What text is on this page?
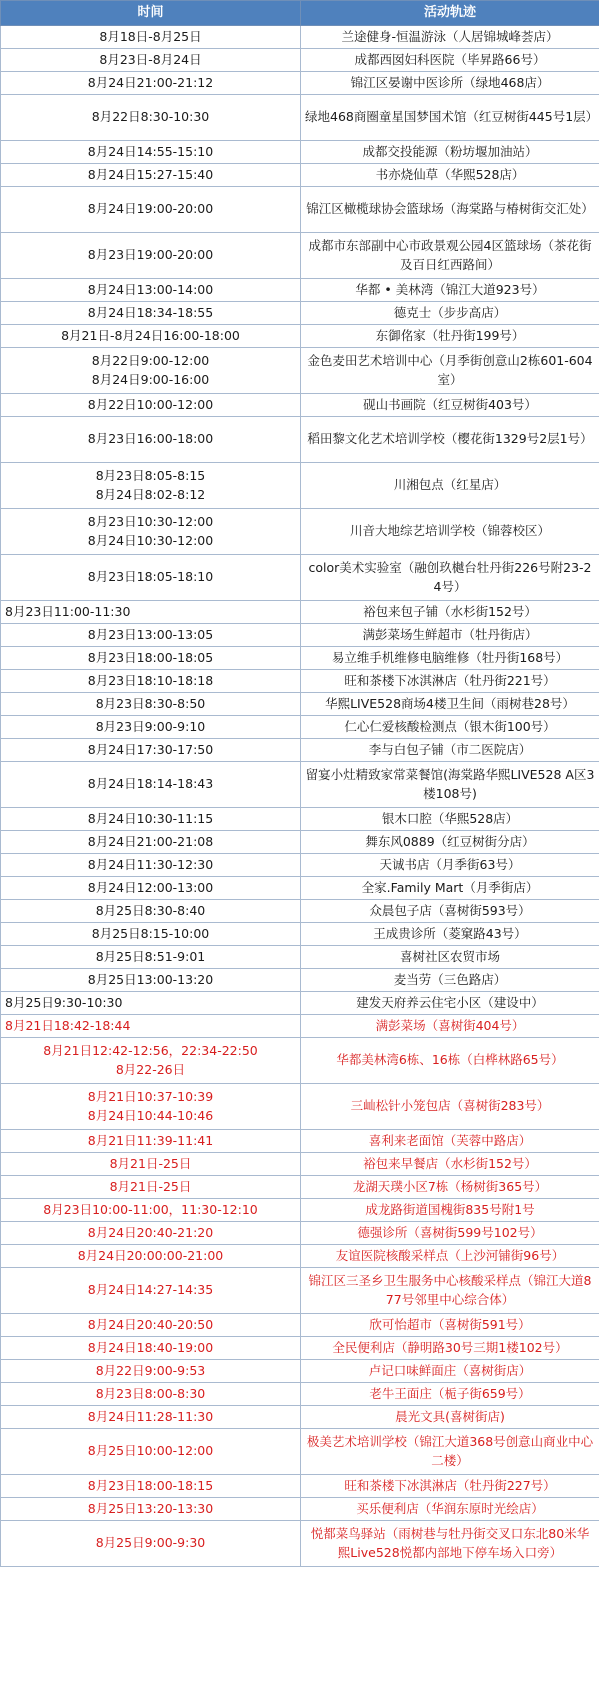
时间	活动轨迹

8月18日-8月25日	兰途健身-恒温游泳（人居锦城峰荟店）

8月23日-8月24日	成都西囡妇科医院（毕昇路66号）

8月24日21:00-21:12	锦江区晏谢中医诊所（绿地468店）

8月22日8:30-10:30	绿地468商圈童星国梦国术馆（红豆树街445号1层）

8月24日14:55-15:10	成都交投能源（粉坊堰加油站）

8月24日15:27-15:40	书亦烧仙草（华熙528店）

8月24日19:00-20:00	锦江区橄榄球协会篮球场（海棠路与椿树街交汇处）

8月23日19:00-20:00	成都市东部副中心市政景观公园4区篮球场（茶花街及百日红西路间）

8月24日13:00-14:00	华都 • 美林湾（锦江大道923号）

8月24日18:34-18:55	德克士（步步高店）

8月21日-8月24日16:00-18:00	东御佲家（牡丹街199号）

8月22日9:00-12:00
8月24日9:00-16:00	金色麦田艺术培训中心（月季街创意山2栋601-604室）

8月22日10:00-12:00	砚山书画院（红豆树街403号）

8月23日16:00-18:00	稻田黎文化艺术培训学校（樱花街1329号2层1号）

8月23日8:05-8:15
8月24日8:02-8:12	川湘包点（红星店）

8月23日10:30-12:00
8月24日10:30-12:00	川音大地综艺培训学校（锦蓉校区）

8月23日18:05-18:10	color美术实验室（融创玖樾台牡丹街226号附23-24号）

8月23日11:00-11:30	裕包来包子铺（水杉街152号）

8月23日13:00-13:05	满彭菜场生鲜超市（牡丹街店）

8月23日18:00-18:05	易立维手机维修电脑维修（牡丹街168号）

8月23日18:10-18:18	旺和茶楼下冰淇淋店（牡丹街221号）

8月23日8:30-8:50	华熙LIVE528商场4楼卫生间（雨树巷28号）

8月23日9:00-9:10	仁心仁爱核酸检测点（银木街100号）

8月24日17:30-17:50	李与白包子铺（市二医院店）

8月24日18:14-18:43	留宴小灶精致家常菜餐馆(海棠路华熙LIVE528 A区3楼108号)

8月24日10:30-11:15	银木口腔（华熙528店）

8月24日21:00-21:08	舞东风0889（红豆树街分店）

8月24日11:30-12:30	天诚书店（月季街63号）

8月24日12:00-13:00	全家.Family Mart（月季街店）

8月25日8:30-8:40	众晨包子店（喜树街593号）

8月25日8:15-10:00	王成贵诊所（菱窠路43号）

8月25日8:51-9:01	喜树社区农贸市场

8月25日13:00-13:20	麦当劳（三色路店）

8月25日9:30-10:30	建发天府养云住宅小区（建设中）

8月21日18:42-18:44	满彭菜场（喜树街404号）

8月21日12:42-12:56，22:34-22:50
8月22-26日	华都美林湾6栋、16栋（白桦林路65号）

8月21日10:37-10:39
8月24日10:44-10:46	三屾松针小笼包店（喜树街283号）

8月21日11:39-11:41	喜利来老面馆（芙蓉中路店）

8月21日-25日	裕包来早餐店（水杉街152号）

8月21日-25日	龙湖天璞小区7栋（杨树街365号）

8月23日10:00-11:00，11:30-12:10	成龙路街道国槐街835号附1号

8月24日20:40-21:20	德强诊所（喜树街599号102号）

8月24日20:00:00-21:00	友谊医院核酸采样点（上沙河铺街96号）

8月24日14:27-14:35	锦江区三圣乡卫生服务中心核酸采样点（锦江大道877号邻里中心综合体）

8月24日20:40-20:50	欣可怡超市（喜树街591号）

8月24日18:40-19:00	全民便利店（静明路30号三期1楼102号）

8月22日9:00-9:53	卢记口味鲜面庄（喜树街店）

8月23日8:00-8:30	老牛王面庄（栀子街659号）

8月24日11:28-11:30	晨光文具(喜树街店)

8月25日10:00-12:00	极美艺术培训学校（锦江大道368号创意山商业中心二楼）

8月23日18:00-18:15	旺和茶楼下冰淇淋店（牡丹街227号）

8月25日13:20-13:30	买乐便利店（华润东原时光绘店）

8月25日9:00-9:30	悦都菜鸟驿站（雨树巷与牡丹街交叉口东北80米华熙Live528悦都内部地下停车场入口旁）
